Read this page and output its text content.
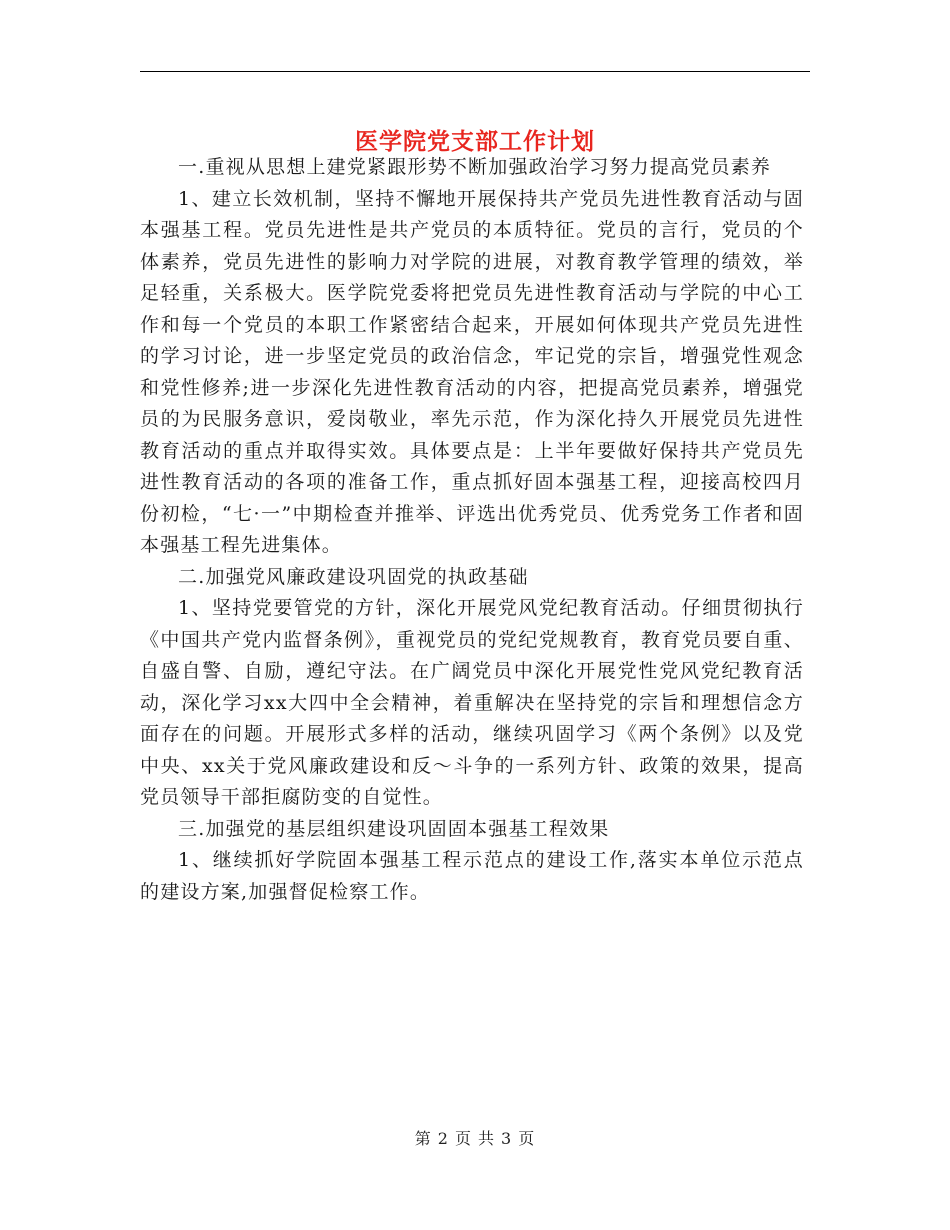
医学院党支部工作计划

一.重视从思想上建党紧跟形势不断加强政治学习努力提高党员素养

1、建立长效机制，坚持不懈地开展保持共产党员先进性教育活动与固本强基工程。党员先进性是共产党员的本质特征。党员的言行，党员的个体素养，党员先进性的影响力对学院的进展，对教育教学管理的绩效，举足轻重，关系极大。医学院党委将把党员先进性教育活动与学院的中心工作和每一个党员的本职工作紧密结合起来，开展如何体现共产党员先进性的学习讨论，进一步坚定党员的政治信念，牢记党的宗旨，增强党性观念和党性修养;进一步深化先进性教育活动的内容，把提高党员素养，增强党员的为民服务意识，爱岗敬业，率先示范，作为深化持久开展党员先进性教育活动的重点并取得实效。具体要点是：上半年要做好保持共产党员先进性教育活动的各项的准备工作，重点抓好固本强基工程，迎接高校四月份初检，“七·一”中期检查并推举、评选出优秀党员、优秀党务工作者和固本强基工程先进集体。

二.加强党风廉政建设巩固党的执政基础

1、坚持党要管党的方针，深化开展党风党纪教育活动。仔细贯彻执行《中国共产党内监督条例》，重视党员的党纪党规教育，教育党员要自重、自盛自警、自励，遵纪守法。在广阔党员中深化开展党性党风党纪教育活动，深化学习xx大四中全会精神，着重解决在坚持党的宗旨和理想信念方面存在的问题。开展形式多样的活动，继续巩固学习《两个条例》以及党中央、xx关于党风廉政建设和反～斗争的一系列方针、政策的效果，提高党员领导干部拒腐防变的自觉性。

三.加强党的基层组织建设巩固固本强基工程效果

1、继续抓好学院固本强基工程示范点的建设工作,落实本单位示范点的建设方案,加强督促检察工作。

第 2 页 共 3 页
